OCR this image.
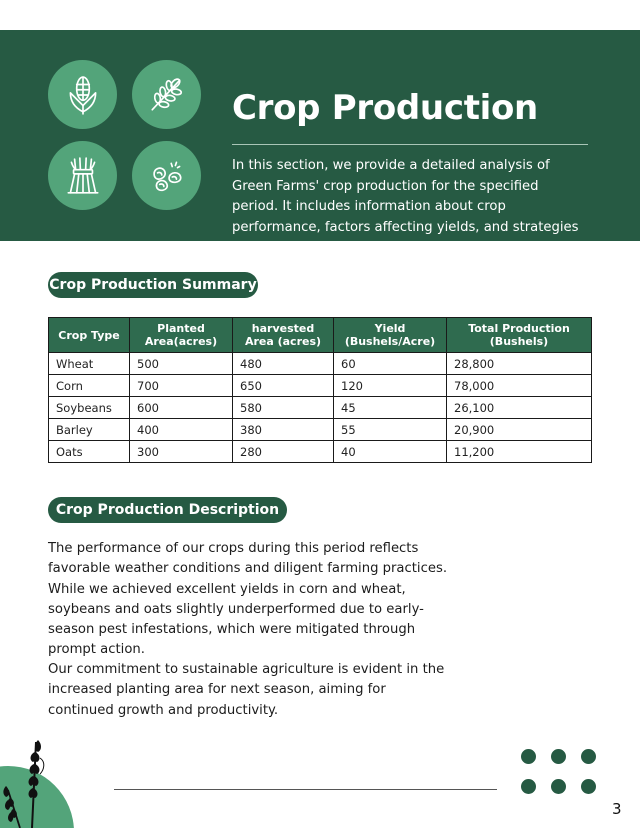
Crop Production

In this section, we provide a detailed analysis of Green Farms' crop production for the specified period. It includes information about crop performance, factors affecting yields, and strategies employed.

Crop Production Summary
Crop Type	Planted Area(acres)	harvested Area (acres)	Yield (Bushels/Acre)	Total Production (Bushels)
Wheat	500	480	60	28,800
Corn	700	650	120	78,000
Soybeans	600	580	45	26,100
Barley	400	380	55	20,900
Oats	300	280	40	11,200
Crop Production Description

The performance of our crops during this period reflects favorable weather conditions and diligent farming practices. While we achieved excellent yields in corn and wheat, soybeans and oats slightly underperformed due to early-season pest infestations, which were mitigated through prompt action.

Our commitment to sustainable agriculture is evident in the increased planting area for next season, aiming for continued growth and productivity.

3
